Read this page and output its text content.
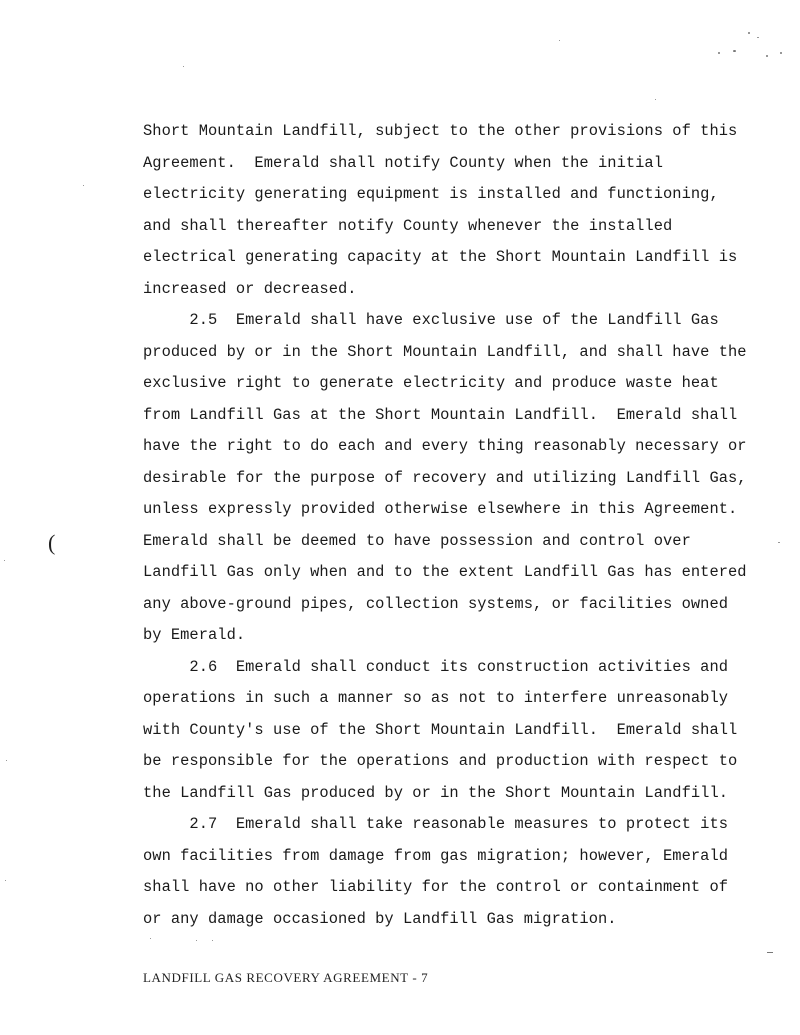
Short Mountain Landfill, subject to the other provisions of this
Agreement.  Emerald shall notify County when the initial
electricity generating equipment is installed and functioning,
and shall thereafter notify County whenever the installed
electrical generating capacity at the Short Mountain Landfill is
increased or decreased.
2.5  Emerald shall have exclusive use of the Landfill Gas
produced by or in the Short Mountain Landfill, and shall have the
exclusive right to generate electricity and produce waste heat
from Landfill Gas at the Short Mountain Landfill.  Emerald shall
have the right to do each and every thing reasonably necessary or
desirable for the purpose of recovery and utilizing Landfill Gas,
unless expressly provided otherwise elsewhere in this Agreement.
Emerald shall be deemed to have possession and control over
Landfill Gas only when and to the extent Landfill Gas has entered
any above-ground pipes, collection systems, or facilities owned
by Emerald.
2.6  Emerald shall conduct its construction activities and
operations in such a manner so as not to interfere unreasonably
with County's use of the Short Mountain Landfill.  Emerald shall
be responsible for the operations and production with respect to
the Landfill Gas produced by or in the Short Mountain Landfill.
2.7  Emerald shall take reasonable measures to protect its
own facilities from damage from gas migration; however, Emerald
shall have no other liability for the control or containment of
or any damage occasioned by Landfill Gas migration.
(
LANDFILL GAS RECOVERY AGREEMENT - 7
